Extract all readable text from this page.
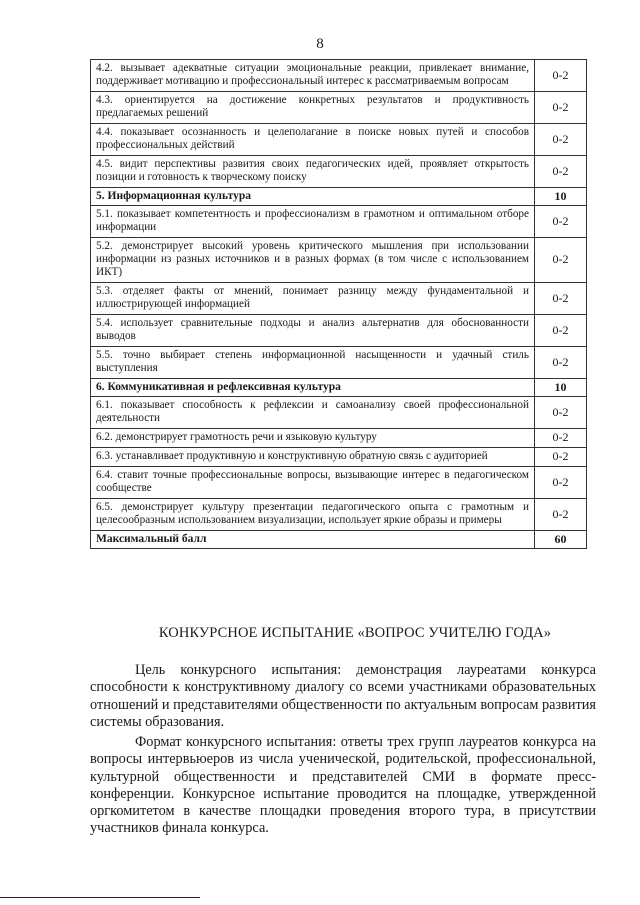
8
4.2. вызывает адекватные ситуации эмоциональные реакции, привлекает внимание, поддерживает мотивацию и профессиональный интерес к рассматриваемым вопросам	0-2
4.3. ориентируется на достижение конкретных результатов и продуктивность предлагаемых решений	0-2
4.4. показывает осознанность и целеполагание в поиске новых путей и способов профессиональных действий	0-2
4.5. видит перспективы развития своих педагогических идей, проявляет открытость позиции и готовность к творческому поиску	0-2
5. Информационная культура	10
5.1. показывает компетентность и профессионализм в грамотном и оптимальном отборе информации	0-2
5.2. демонстрирует высокий уровень критического мышления при использовании информации из разных источников и в разных формах (в том числе с использованием ИКТ)	0-2
5.3. отделяет факты от мнений, понимает разницу между фундаментальной и иллюстрирующей информацией	0-2
5.4. использует сравнительные подходы и анализ альтернатив для обоснованности выводов	0-2
5.5. точно выбирает степень информационной насыщенности и удачный стиль выступления	0-2
6. Коммуникативная и рефлексивная культура	10
6.1. показывает способность к рефлексии и самоанализу своей профессиональной деятельности	0-2
6.2. демонстрирует грамотность речи и языковую культуру	0-2
6.3. устанавливает продуктивную и конструктивную обратную связь с аудиторией	0-2
6.4. ставит точные профессиональные вопросы, вызывающие интерес в педагогическом сообществе	0-2
6.5. демонстрирует культуру презентации педагогического опыта с грамотным и целесообразным использованием визуализации, использует яркие образы и примеры	0-2
Максимальный балл	60
КОНКУРСНОЕ ИСПЫТАНИЕ «ВОПРОС УЧИТЕЛЮ ГОДА»

Цель конкурсного испытания: демонстрация лауреатами конкурса способности к конструктивному диалогу со всеми участниками образовательных отношений и представителями общественности по актуальным вопросам развития системы образования.

Формат конкурсного испытания: ответы трех групп лауреатов конкурса на вопросы интервьюеров из числа ученической, родительской, профессиональной, культурной общественности и представителей СМИ в формате пресс-конференции. Конкурсное испытание проводится на площадке, утвержденной оргкомитетом в качестве площадки проведения второго тура, в присутствии участников финала конкурса.
